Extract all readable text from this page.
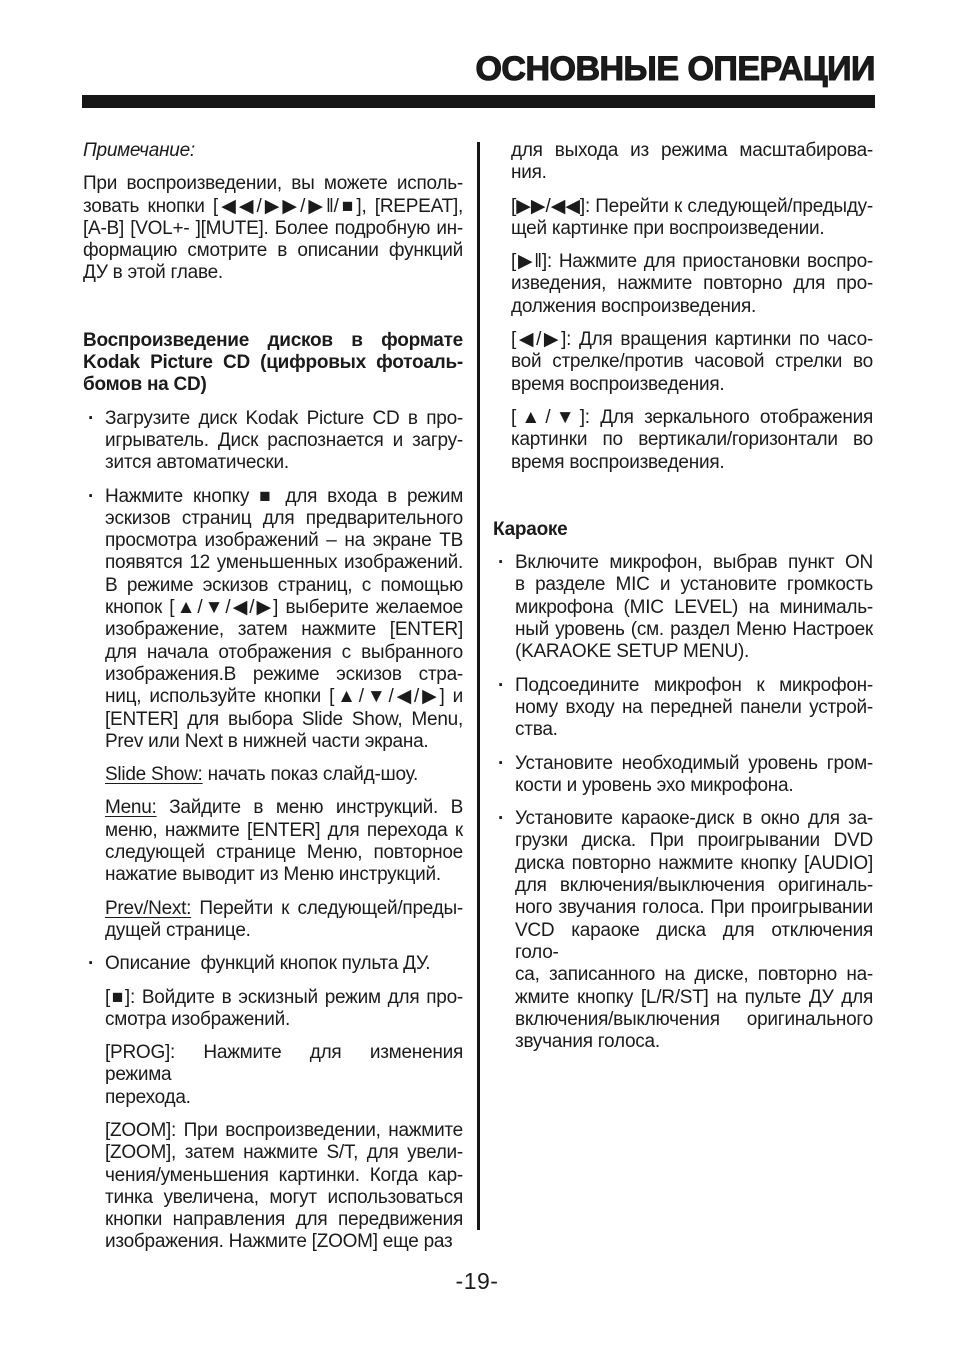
ОСНОВНЫЕ ОПЕРАЦИИ
Примечание:
При воспроизведении, вы можете исполь-
зовать кнопки [◀◀/▶▶/▶‖/■], [REPEAT],
[A-B] [VOL+- ][MUTE]. Более подробную ин-
формацию смотрите в описании функций
ДУ в этой главе.
Воспроизведение дисков в формате
Kodak Picture CD (цифровых фотоаль-
бомов на CD)
· Загрузите диск Kodak Picture CD в про-
игрыватель. Диск распознается и загру-
зится автоматически.
· Нажмите кнопку ■ для входа в режим
эскизов страниц для предварительного
просмотра изображений – на экране ТВ
появятся 12 уменьшенных изображений.
В режиме эскизов страниц, с помощью
кнопок [▲/▼/◀/▶] выберите желаемое
изображение, затем нажмите [ENTER]
для начала отображения с выбранного
изображения.В режиме эскизов стра-
ниц, используйте кнопки [▲/▼/◀/▶] и
[ENTER] для выбора Slide Show, Menu,
Prev или Next в нижней части экрана.
Slide Show: начать показ слайд-шоу.
Menu: Зайдите в меню инструкций. В
меню, нажмите [ENTER] для перехода к
следующей странице Меню, повторное
нажатие выводит из Меню инструкций.
Prev/Next: Перейти к следующей/преды-
дущей странице.
· Описание  функций кнопок пульта ДУ.
[■]: Войдите в эскизный режим для про-
смотра изображений.
[PROG]: Нажмите для изменения режима
перехода.
[ZOOM]: При воспроизведении, нажмите
[ZOOM], затем нажмите S/T, для увели-
чения/уменьшения картинки. Когда кар-
тинка увеличена, могут использоваться
кнопки направления для передвижения
изображения. Нажмите [ZOOM] еще раз
для выхода из режима масштабирова-
ния.
[▶▶/◀◀]: Перейти к следующей/предыду-
щей картинке при воспроизведении.
[▶‖]: Нажмите для приостановки воспро-
изведения, нажмите повторно для про-
должения воспроизведения.
[◀/▶]: Для вращения картинки по часо-
вой стрелке/против часовой стрелки во
время воспроизведения.
[▲/▼]: Для зеркального отображения
картинки по вертикали/горизонтали во
время воспроизведения.
Караоке
· Включите микрофон, выбрав пункт ON
в разделе MIC и установите громкость
микрофона (MIC LEVEL) на минималь-
ный уровень (см. раздел Меню Настроек
(KARAOKE SETUP MENU).
· Подсоедините микрофон к микрофон-
ному входу на передней панели устрой-
ства.
· Установите необходимый уровень гром-
кости и уровень эхо микрофона.
· Установите караоке-диск в окно для за-
грузки диска. При проигрывании DVD
диска повторно нажмите кнопку [AUDIO]
для включения/выключения оригиналь-
ного звучания голоса. При проигрывании
VCD караоке диска для отключения голо-
са, записанного на диске, повторно на-
жмите кнопку [L/R/ST] на пульте ДУ для
включения/выключения оригинального
звучания голоса.
-19-
